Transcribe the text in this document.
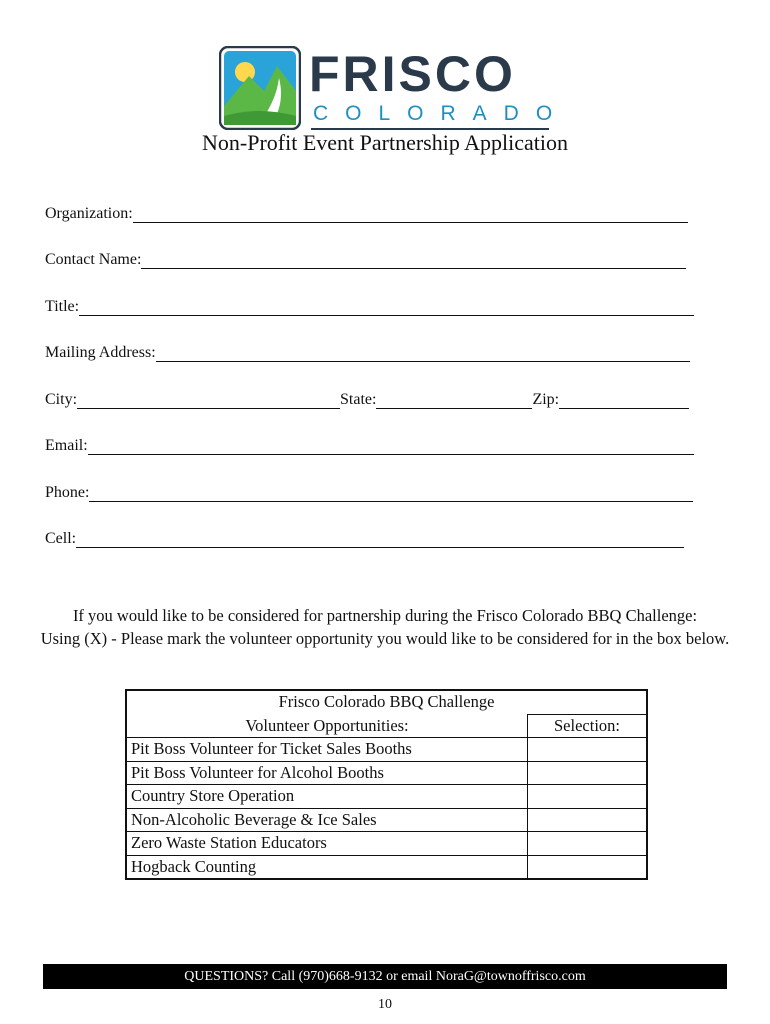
FRISCO
COLORADO
Non-Profit Event Partnership Application
Organization:
Contact Name:
Title:
Mailing Address:
City:	State:	Zip:
Email:
Phone:
Cell:
If you would like to be considered for partnership during the Frisco Colorado BBQ Challenge:
Using (X) - Please mark the volunteer opportunity you would like to be considered for in the box below.
Frisco Colorado BBQ Challenge	
Volunteer Opportunities:	Selection:
Pit Boss Volunteer for Ticket Sales Booths	
Pit Boss Volunteer for Alcohol Booths	
Country Store Operation	
Non-Alcoholic Beverage & Ice Sales	
Zero Waste Station Educators	
Hogback Counting	
QUESTIONS? Call (970)668-9132 or email NoraG@townoffrisco.com
10
